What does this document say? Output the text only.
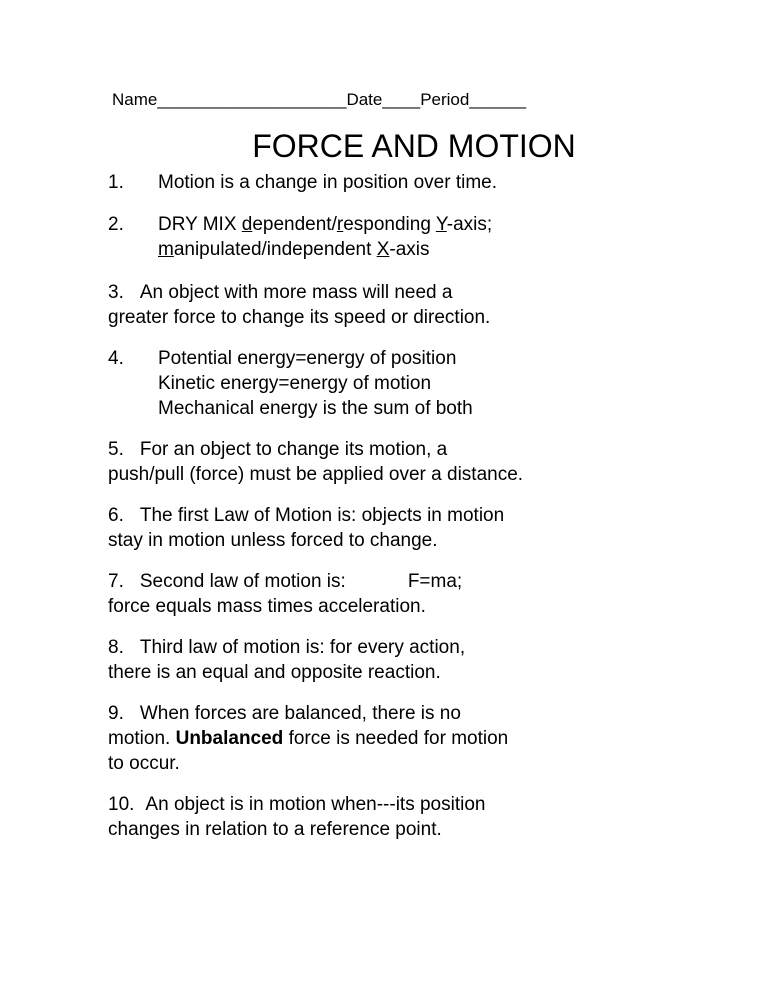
Name____________________Date____Period______
FORCE AND MOTION
1.	Motion is a change in position over time.
2.	DRY MIX dependent/responding Y-axis;
manipulated/independent X-axis
3. An object with more mass will need a
greater force to change its speed or direction.
4.	Potential energy=energy of position
Kinetic energy=energy of motion
Mechanical energy is the sum of both
5. For an object to change its motion, a
push/pull (force) must be applied over a distance.
6. The first Law of Motion is: objects in motion
stay in motion unless forced to change.
7. Second law of motion is:	F=ma;
force equals mass times acceleration.
8. Third law of motion is: for every action,
there is an equal and opposite reaction.
9. When forces are balanced, there is no
motion. Unbalanced force is needed for motion
to occur.
10. An object is in motion when---its position
changes in relation to a reference point.
